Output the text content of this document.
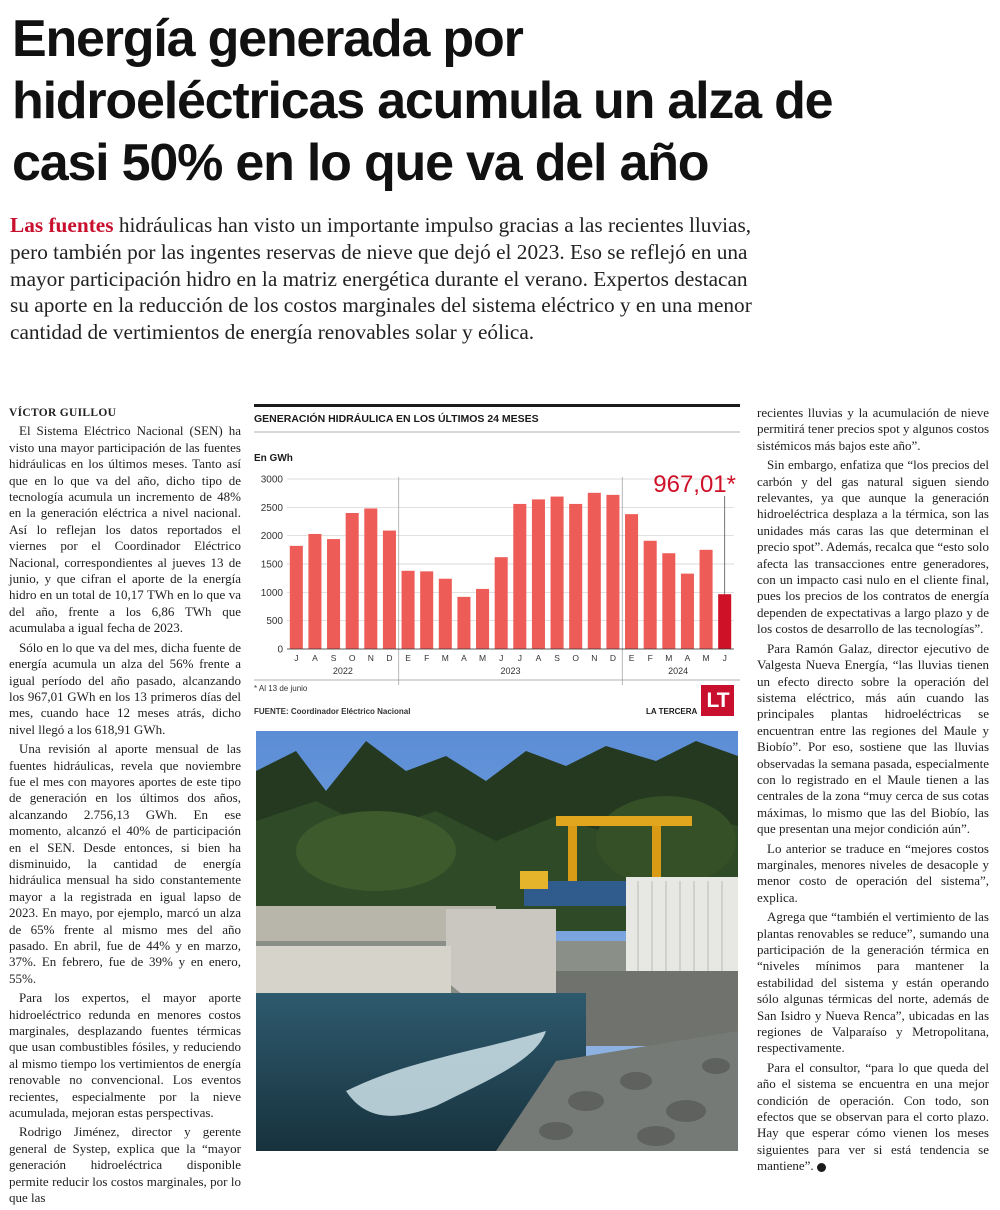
Energía generada por
hidroeléctricas acumula un alza de
casi 50% en lo que va del año

Las fuentes hidráulicas han visto un importante impulso gracias a las recientes lluvias,
pero también por las ingentes reservas de nieve que dejó el 2023. Eso se reflejó en una
mayor participación hidro en la matriz energética durante el verano. Expertos destacan
su aporte en la reducción de los costos marginales del sistema eléctrico y en una menor
cantidad de vertimientos de energía renovables solar y eólica.

VÍCTOR GUILLOU

El Sistema Eléctrico Nacional (SEN) ha visto una mayor participación de las fuentes hidráulicas en los últimos meses. Tanto así que en lo que va del año, dicho tipo de tecnología acumula un incremento de 48% en la generación eléctrica a nivel nacional. Así lo reflejan los datos reportados el viernes por el Coordinador Eléctrico Nacional, correspondientes al jueves 13 de junio, y que cifran el aporte de la energía hidro en un total de 10,17 TWh en lo que va del año, frente a los 6,86 TWh que acumulaba a igual fecha de 2023.

Sólo en lo que va del mes, dicha fuente de energía acumula un alza del 56% frente a igual período del año pasado, alcanzando los 967,01 GWh en los 13 primeros días del mes, cuando hace 12 meses atrás, dicho nivel llegó a los 618,91 GWh.

Una revisión al aporte mensual de las fuentes hidráulicas, revela que noviembre fue el mes con mayores aportes de este tipo de generación en los últimos dos años, alcanzando 2.756,13 GWh. En ese momento, alcanzó el 40% de participación en el SEN. Desde entonces, si bien ha disminuido, la cantidad de energía hidráulica mensual ha sido constantemente mayor a la registrada en igual lapso de 2023. En mayo, por ejemplo, marcó un alza de 65% frente al mismo mes del año pasado. En abril, fue de 44% y en marzo, 37%. En febrero, fue de 39% y en enero, 55%.

Para los expertos, el mayor aporte hidroeléctrico redunda en menores costos marginales, desplazando fuentes térmicas que usan combustibles fósiles, y reduciendo al mismo tiempo los vertimientos de energía renovable no convencional. Los eventos recientes, especialmente por la nieve acumulada, mejoran estas perspectivas.

Rodrigo Jiménez, director y gerente general de Systep, explica que la “mayor generación hidroeléctrica disponible permite reducir los costos marginales, por lo que las

GENERACIÓN HIDRÁULICA EN LOS ÚLTIMOS 24 MESES
En GWh
0
500
1000
1500
2000
2500
3000	967,01*
J A S O N D E F M A M J J A S O N D E F M A M J
2022	2023	2024
* Al 13 de junio
FUENTE: Coordinador Eléctrico Nacional	LA TERCERA LT

recientes lluvias y la acumulación de nieve permitirá tener precios spot y algunos costos sistémicos más bajos este año”.

Sin embargo, enfatiza que “los precios del carbón y del gas natural siguen siendo relevantes, ya que aunque la generación hidroeléctrica desplaza a la térmica, son las unidades más caras las que determinan el precio spot”. Además, recalca que “esto solo afecta las transacciones entre generadores, con un impacto casi nulo en el cliente final, pues los precios de los contratos de energía dependen de expectativas a largo plazo y de los costos de desarrollo de las tecnologías”.

Para Ramón Galaz, director ejecutivo de Valgesta Nueva Energía, “las lluvias tienen un efecto directo sobre la operación del sistema eléctrico, más aún cuando las principales plantas hidroeléctricas se encuentran entre las regiones del Maule y Biobío”. Por eso, sostiene que las lluvias observadas la semana pasada, especialmente con lo registrado en el Maule tienen a las centrales de la zona “muy cerca de sus cotas máximas, lo mismo que las del Biobío, las que presentan una mejor condición aún”.

Lo anterior se traduce en “mejores costos marginales, menores niveles de desacople y menor costo de operación del sistema”, explica.

Agrega que “también el vertimiento de las plantas renovables se reduce”, sumando una participación de la generación térmica en “niveles mínimos para mantener la estabilidad del sistema y están operando sólo algunas térmicas del norte, además de San Isidro y Nueva Renca”, ubicadas en las regiones de Valparaíso y Metropolitana, respectivamente.

Para el consultor, “para lo que queda del año el sistema se encuentra en una mejor condición de operación. Con todo, son efectos que se observan para el corto plazo. Hay que esperar cómo vienen los meses siguientes para ver si está tendencia se mantiene”.
